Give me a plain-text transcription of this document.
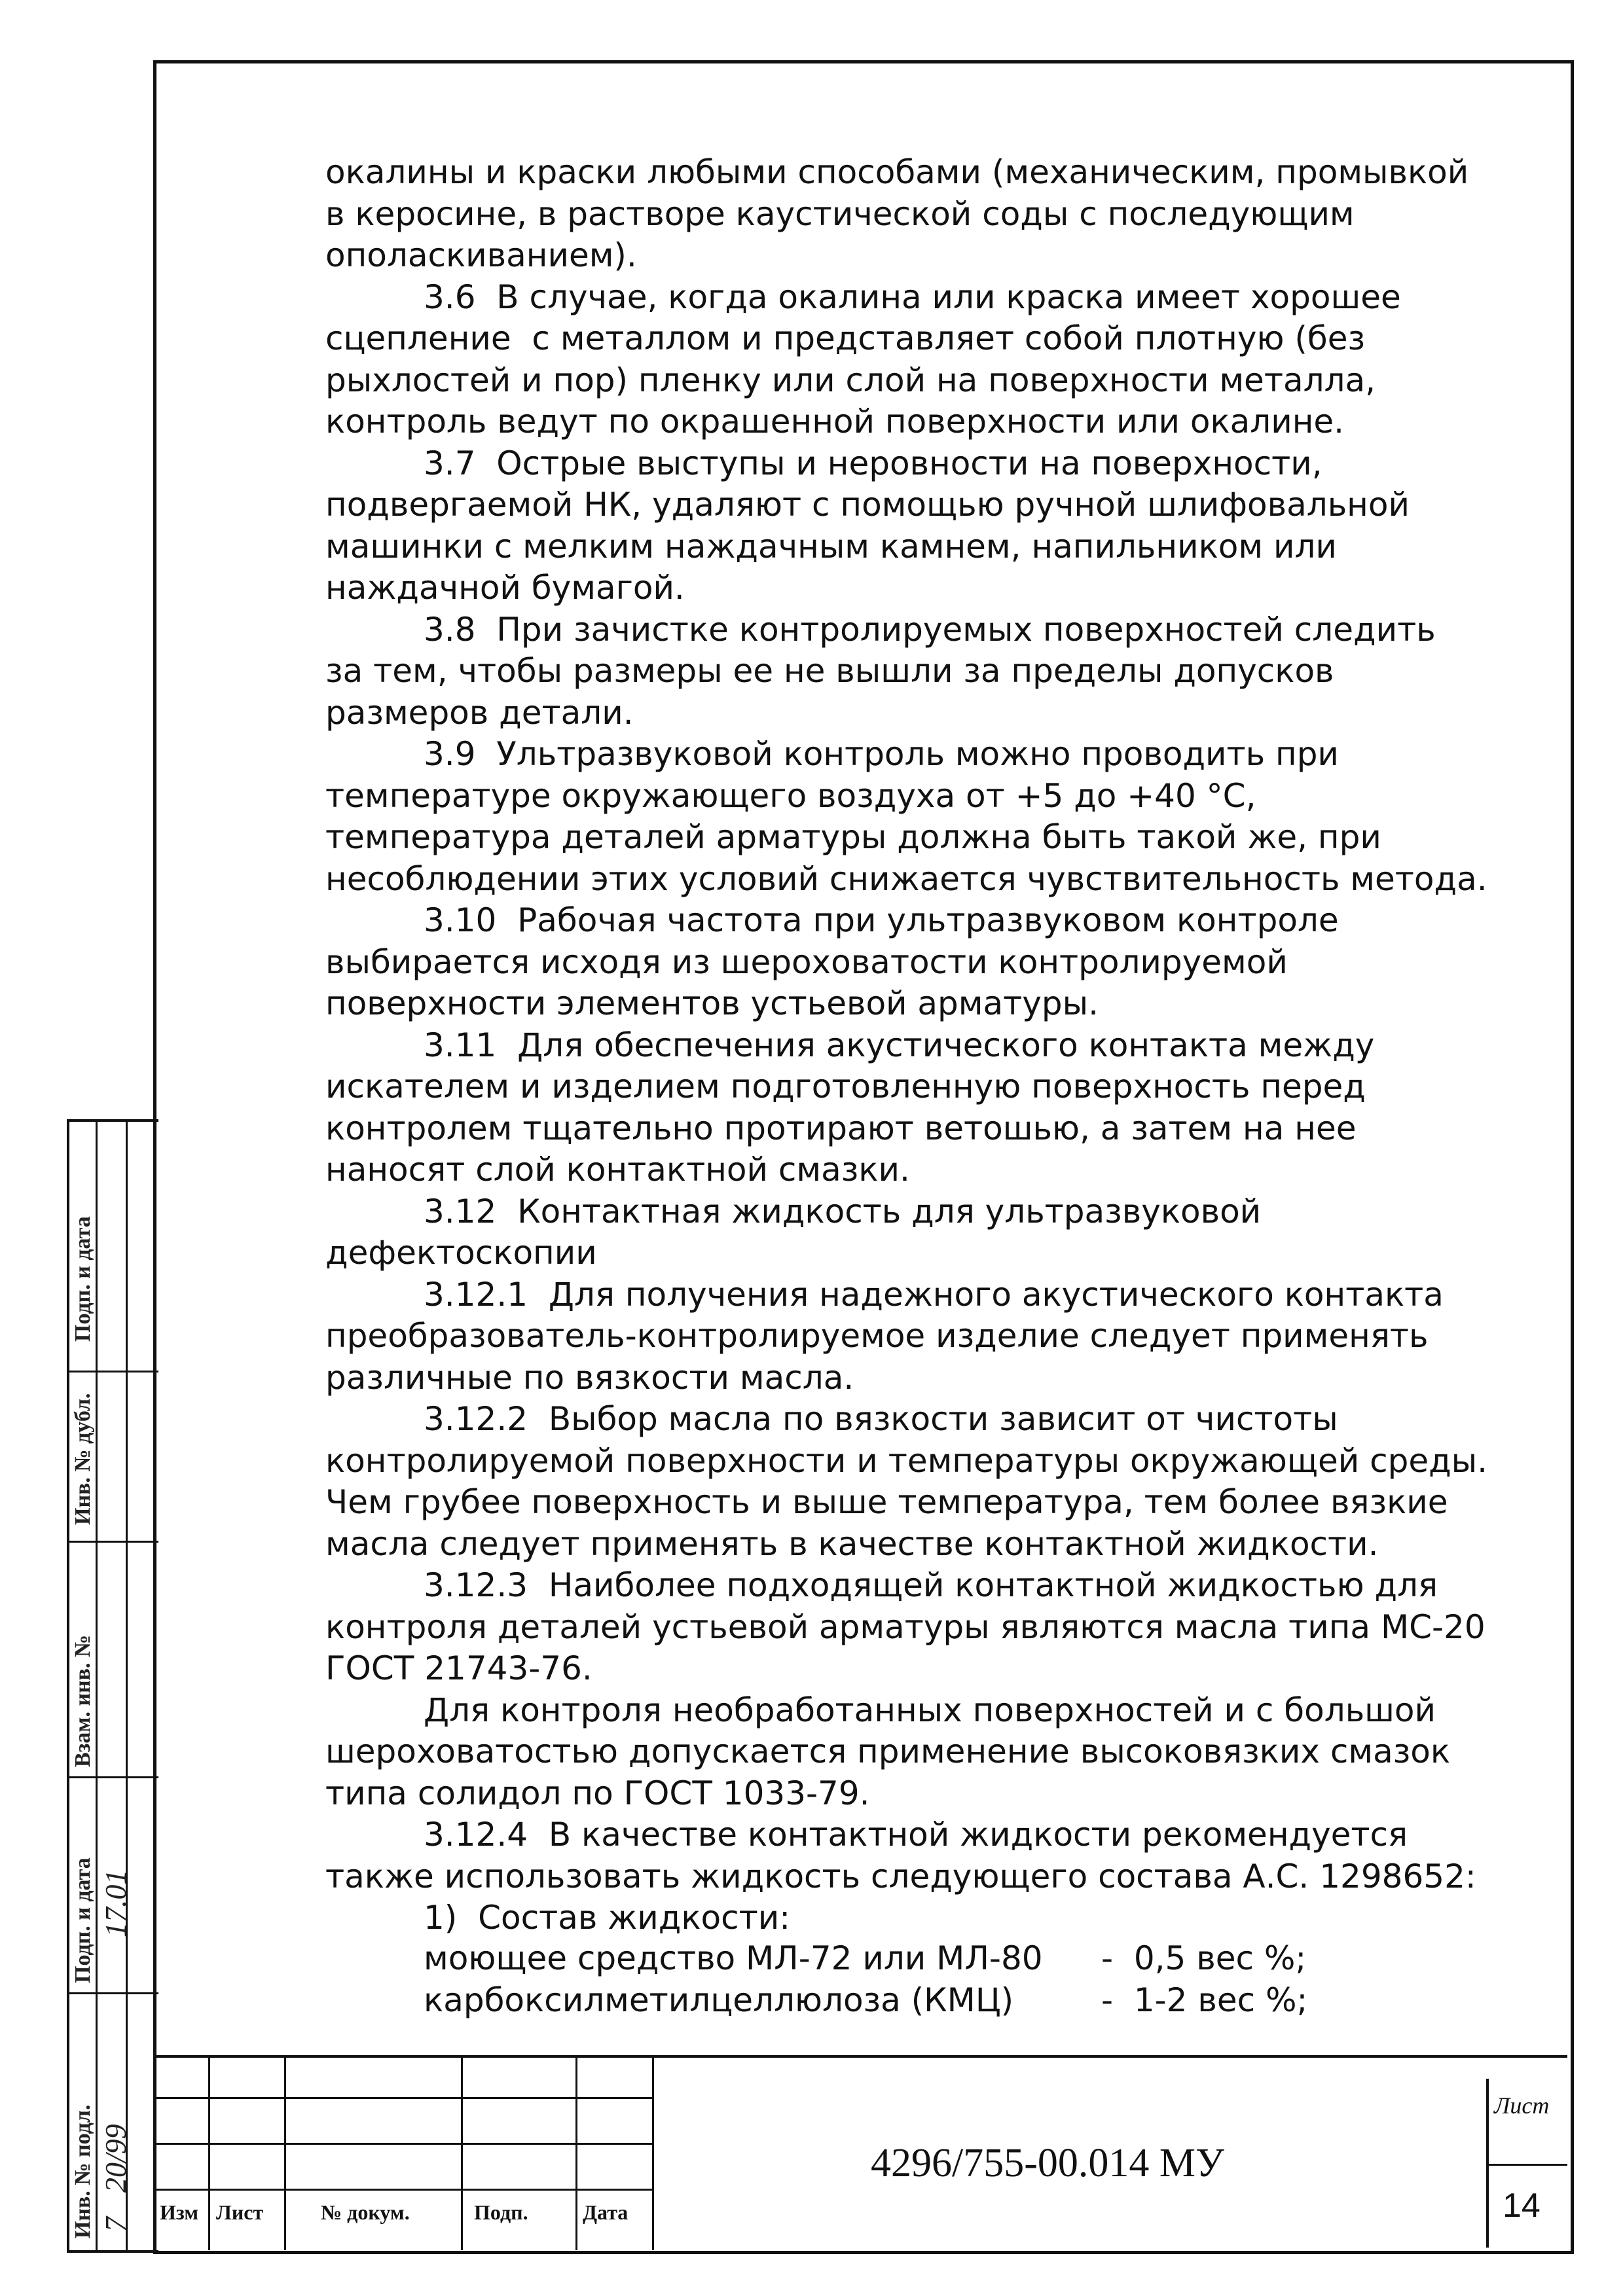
окалины и краски любыми способами (механическим, промывкой
в керосине, в растворе каустической соды с последующим
ополаскиванием).
3.6  В случае, когда окалина или краска имеет хорошее
сцепление  с металлом и представляет собой плотную (без
рыхлостей и пор) пленку или слой на поверхности металла,
контроль ведут по окрашенной поверхности или окалине.
3.7  Острые выступы и неровности на поверхности,
подвергаемой НК, удаляют с помощью ручной шлифовальной
машинки с мелким наждачным камнем, напильником или
наждачной бумагой.
3.8  При зачистке контролируемых поверхностей следить
за тем, чтобы размеры ее не вышли за пределы допусков
размеров детали.
3.9  Ультразвуковой контроль можно проводить при
температуре окружающего воздуха от +5 до +40 °С,
температура деталей арматуры должна быть такой же, при
несоблюдении этих условий снижается чувствительность метода.
3.10  Рабочая частота при ультразвуковом контроле
выбирается исходя из шероховатости контролируемой
поверхности элементов устьевой арматуры.
3.11  Для обеспечения акустического контакта между
искателем и изделием подготовленную поверхность перед
контролем тщательно протирают ветошью, а затем на нее
наносят слой контактной смазки.
3.12  Контактная жидкость для ультразвуковой
дефектоскопии
3.12.1  Для получения надежного акустического контакта
преобразователь-контролируемое изделие следует применять
различные по вязкости масла.
3.12.2  Выбор масла по вязкости зависит от чистоты
контролируемой поверхности и температуры окружающей среды.
Чем грубее поверхность и выше температура, тем более вязкие
масла следует применять в качестве контактной жидкости.
3.12.3  Наиболее подходящей контактной жидкостью для
контроля деталей устьевой арматуры являются масла типа МС-20
ГОСТ 21743-76.
Для контроля необработанных поверхностей и с большой
шероховатостью допускается применение высоковязких смазок
типа солидол по ГОСТ 1033-79.
3.12.4  В качестве контактной жидкости рекомендуется
также использовать жидкость следующего состава А.С. 1298652:
1)  Состав жидкости:
моющее средство МЛ-72 или МЛ-80 -  0,5 вес %;
карбоксилметилцеллюлоза (КМЦ)	-  1-2 вес %;
Подп. и дата
Инв. № дубл.
Взам. инв. №
Подп. и дата
Инв. № подл. 7
20/99
17.01
Изм Лист	№ докум.	Подп.	Дата
4296/755-00.014 МУ
Лист
14
